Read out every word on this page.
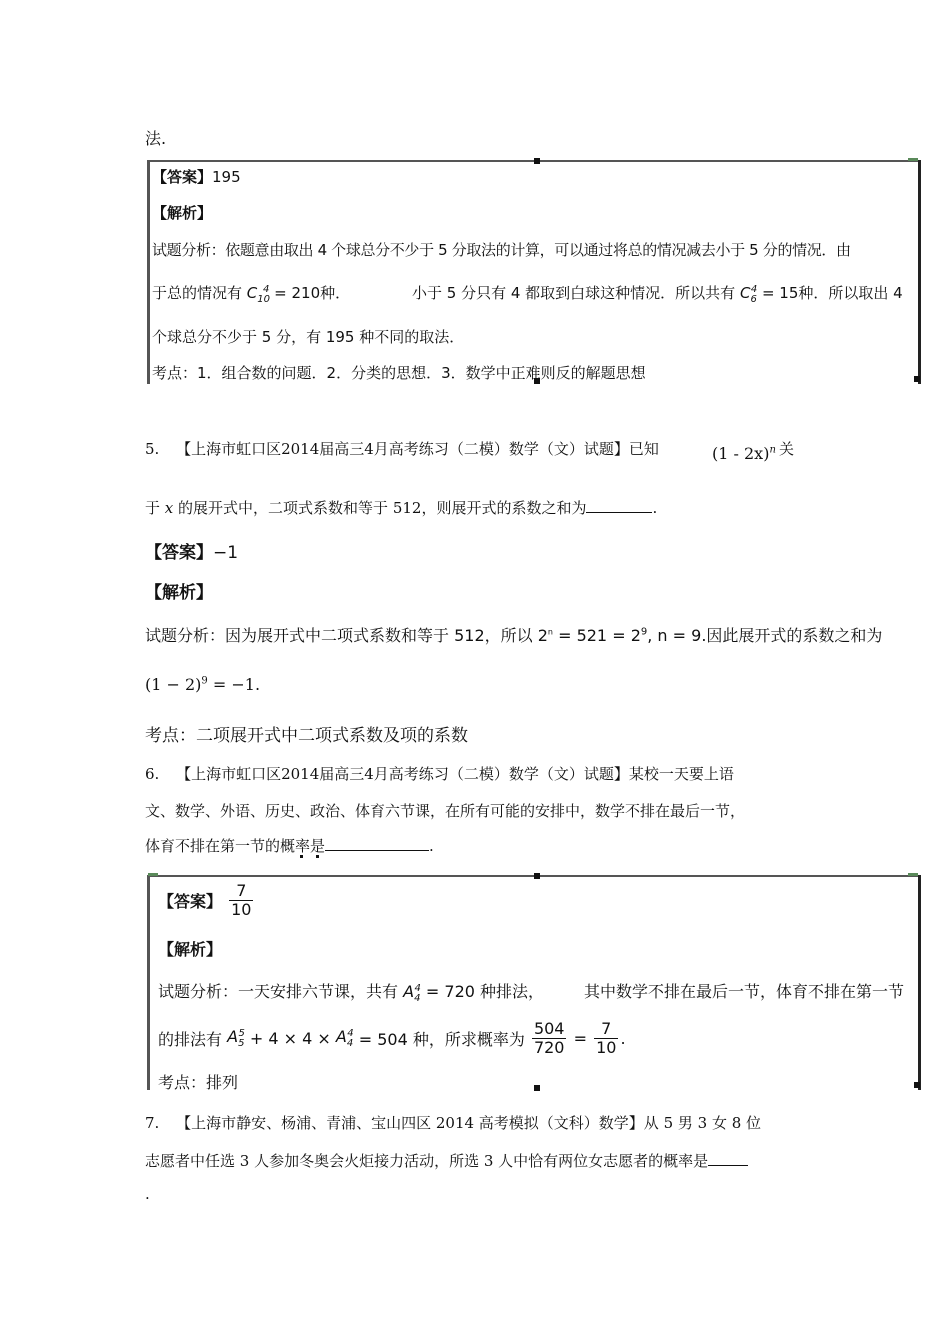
法.
【答案】195
【解析】
试题分析：依题意由取出 4 个球总分不少于 5 分取法的计算，可以通过将总的情况减去小于 5 分的情况．由
于总的情况有 $C_{10}^4 = 210$种．	小于 5 分只有 4 都取到白球这种情况．所以共有 $C_6^4 = 15$种．所以取出 4
个球总分不少于 5 分，有 195 种不同的取法．
考点：1．组合数的问题．2．分类的思想．3．数学中正难则反的解题思想
5. 【上海市虹口区2014届高三4月高考练习（二模）数学（文）试题】已知	(1 - 2x)$^n$ 关
于 x 的展开式中，二项式系数和等于 512，则展开式的系数之和为	.
【答案】−1
【解析】
试题分析：因为展开式中二项式系数和等于 512，所以 $2^n = 521 = 2^9$, n = 9.因此展开式的系数之和为
$(1 - 2)^9 = -1$.
考点：二项展开式中二项式系数及项的系数
6. 【上海市虹口区2014届高三4月高考练习（二模）数学（文）试题】某校一天要上语
文、数学、外语、历史、政治、体育六节课，在所有可能的安排中，数学不排在最后一节，
体育不排在第一节的概率是	.
【答案】 $\frac{7}{10}$
【解析】
试题分析：一天安排六节课，共有 $A_4^4 = 720$ 种排法， 其中数学不排在最后一节，体育不排在第一节
的排法有 $A_5^5 + 4 \times 4 \times A_4^4 = 504$ 种，所求概率为 $\frac{504}{720} = \frac{7}{10}$ .
考点：排列
7. 【上海市静安、杨浦、青浦、宝山四区 2014 高考模拟（文科）数学】从 5 男 3 女 8 位
志愿者中任选 3 人参加冬奥会火炬接力活动，所选 3 人中恰有两位女志愿者的概率是
.
